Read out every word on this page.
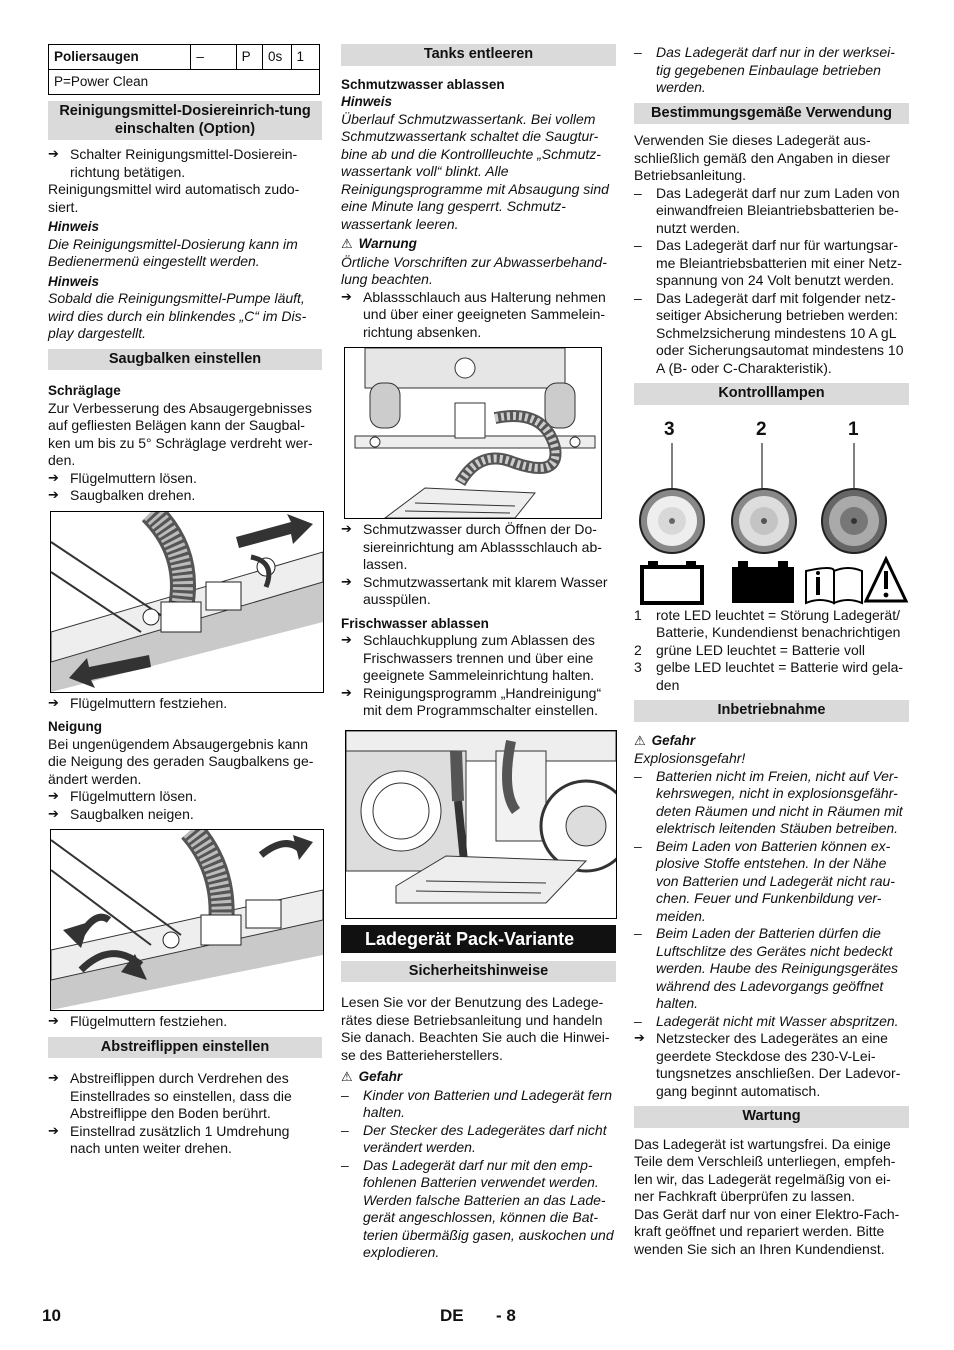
Poliersaugen	–	P	0s	1
P=Power Clean
Reinigungsmittel-Dosiereinrich-tung einschalten (Option)

➔ Schalter Reinigungsmittel-Dosierein-richtung betätigen.

Reinigungsmittel wird automatisch zudo-siert.

Hinweis

Die Reinigungsmittel-Dosierung kann im Bedienermenü eingestellt werden.

Hinweis

Sobald die Reinigungsmittel-Pumpe läuft, wird dies durch ein blinkendes „C“ im Dis-play dargestellt.

Saugbalken einstellen

Schräglage

Zur Verbesserung des Absaugergebnisses auf gefliesten Belägen kann der Saugbal-ken um bis zu 5° Schräglage verdreht wer-den.

➔ Flügelmuttern lösen.

➔ Saugbalken drehen.

➔ Flügelmuttern festziehen.

Neigung

Bei ungenügendem Absaugergebnis kann die Neigung des geraden Saugbalkens ge-ändert werden.

➔ Flügelmuttern lösen.

➔ Saugbalken neigen.

➔ Flügelmuttern festziehen.

Abstreiflippen einstellen

➔ Abstreiflippen durch Verdrehen des Einstellrades so einstellen, dass die Abstreiflippe den Boden berührt.

➔ Einstellrad zusätzlich 1 Umdrehung nach unten weiter drehen.

Tanks entleeren

Schmutzwasser ablassen

Hinweis

Überlauf Schmutzwassertank. Bei vollem Schmutzwassertank schaltet die Saugtur-bine ab und die Kontrollleuchte „Schmutz-wassertank voll“ blinkt. Alle Reinigungsprogramme mit Absaugung sind eine Minute lang gesperrt. Schmutz-wassertank leeren.

⚠ Warnung

Örtliche Vorschriften zur Abwasserbehand-lung beachten.

➔ Ablassschlauch aus Halterung nehmen und über einer geeigneten Sammelein-richtung absenken.

➔ Schmutzwasser durch Öffnen der Do-siereinrichtung am Ablassschlauch ab-lassen.

➔ Schmutzwassertank mit klarem Wasser ausspülen.

Frischwasser ablassen

➔ Schlauchkupplung zum Ablassen des Frischwassers trennen und über eine geeignete Sammeleinrichtung halten.

➔ Reinigungsprogramm „Handreinigung“ mit dem Programmschalter einstellen.

Ladegerät Pack-Variante
Sicherheitshinweise

Lesen Sie vor der Benutzung des Ladege-rätes diese Betriebsanleitung und handeln Sie danach. Beachten Sie auch die Hinwei-se des Batterieherstellers.

⚠ Gefahr

– Kinder von Batterien und Ladegerät fern halten.

– Der Stecker des Ladegerätes darf nicht verändert werden.

– Das Ladegerät darf nur mit den emp-fohlenen Batterien verwendet werden. Werden falsche Batterien an das Lade-gerät angeschlossen, können die Bat-terien übermäßig gasen, auskochen und explodieren.

– Das Ladegerät darf nur in der werksei-tig gegebenen Einbaulage betrieben werden.

Bestimmungsgemäße Verwendung

Verwenden Sie dieses Ladegerät aus-schließlich gemäß den Angaben in dieser Betriebsanleitung.

– Das Ladegerät darf nur zum Laden von einwandfreien Bleiantriebsbatterien be-nutzt werden.

– Das Ladegerät darf nur für wartungsar-me Bleiantriebsbatterien mit einer Netz-spannung von 24 Volt benutzt werden.

– Das Ladegerät darf mit folgender netz-seitiger Absicherung betrieben werden: Schmelzsicherung mindestens 10 A gL oder Sicherungsautomat mindestens 10 A (B- oder C-Charakteristik).

Kontrolllampen
3	2	1

1 rote LED leuchtet = Störung Ladegerät/ Batterie, Kundendienst benachrichtigen

2 grüne LED leuchtet = Batterie voll

3 gelbe LED leuchtet = Batterie wird gela-den

Inbetriebnahme

⚠ Gefahr

Explosionsgefahr!

– Batterien nicht im Freien, nicht auf Ver-kehrswegen, nicht in explosionsgefähr-deten Räumen und nicht in Räumen mit elektrisch leitenden Stäuben betreiben.

– Beim Laden von Batterien können ex-plosive Stoffe entstehen. In der Nähe von Batterien und Ladegerät nicht rau-chen. Feuer und Funkenbildung ver-meiden.

– Beim Laden der Batterien dürfen die Luftschlitze des Gerätes nicht bedeckt werden. Haube des Reinigungsgerätes während des Ladevorgangs geöffnet halten.

– Ladegerät nicht mit Wasser abspritzen.

➔ Netzstecker des Ladegerätes an eine geerdete Steckdose des 230-V-Lei-tungsnetzes anschließen. Der Ladevor-gang beginnt automatisch.

Wartung

Das Ladegerät ist wartungsfrei. Da einige Teile dem Verschleiß unterliegen, empfeh-len wir, das Ladegerät regelmäßig von ei-ner Fachkraft überprüfen zu lassen.

Das Gerät darf nur von einer Elektro-Fach-kraft geöffnet und repariert werden. Bitte wenden Sie sich an Ihren Kundendienst.

10	DE - 8
